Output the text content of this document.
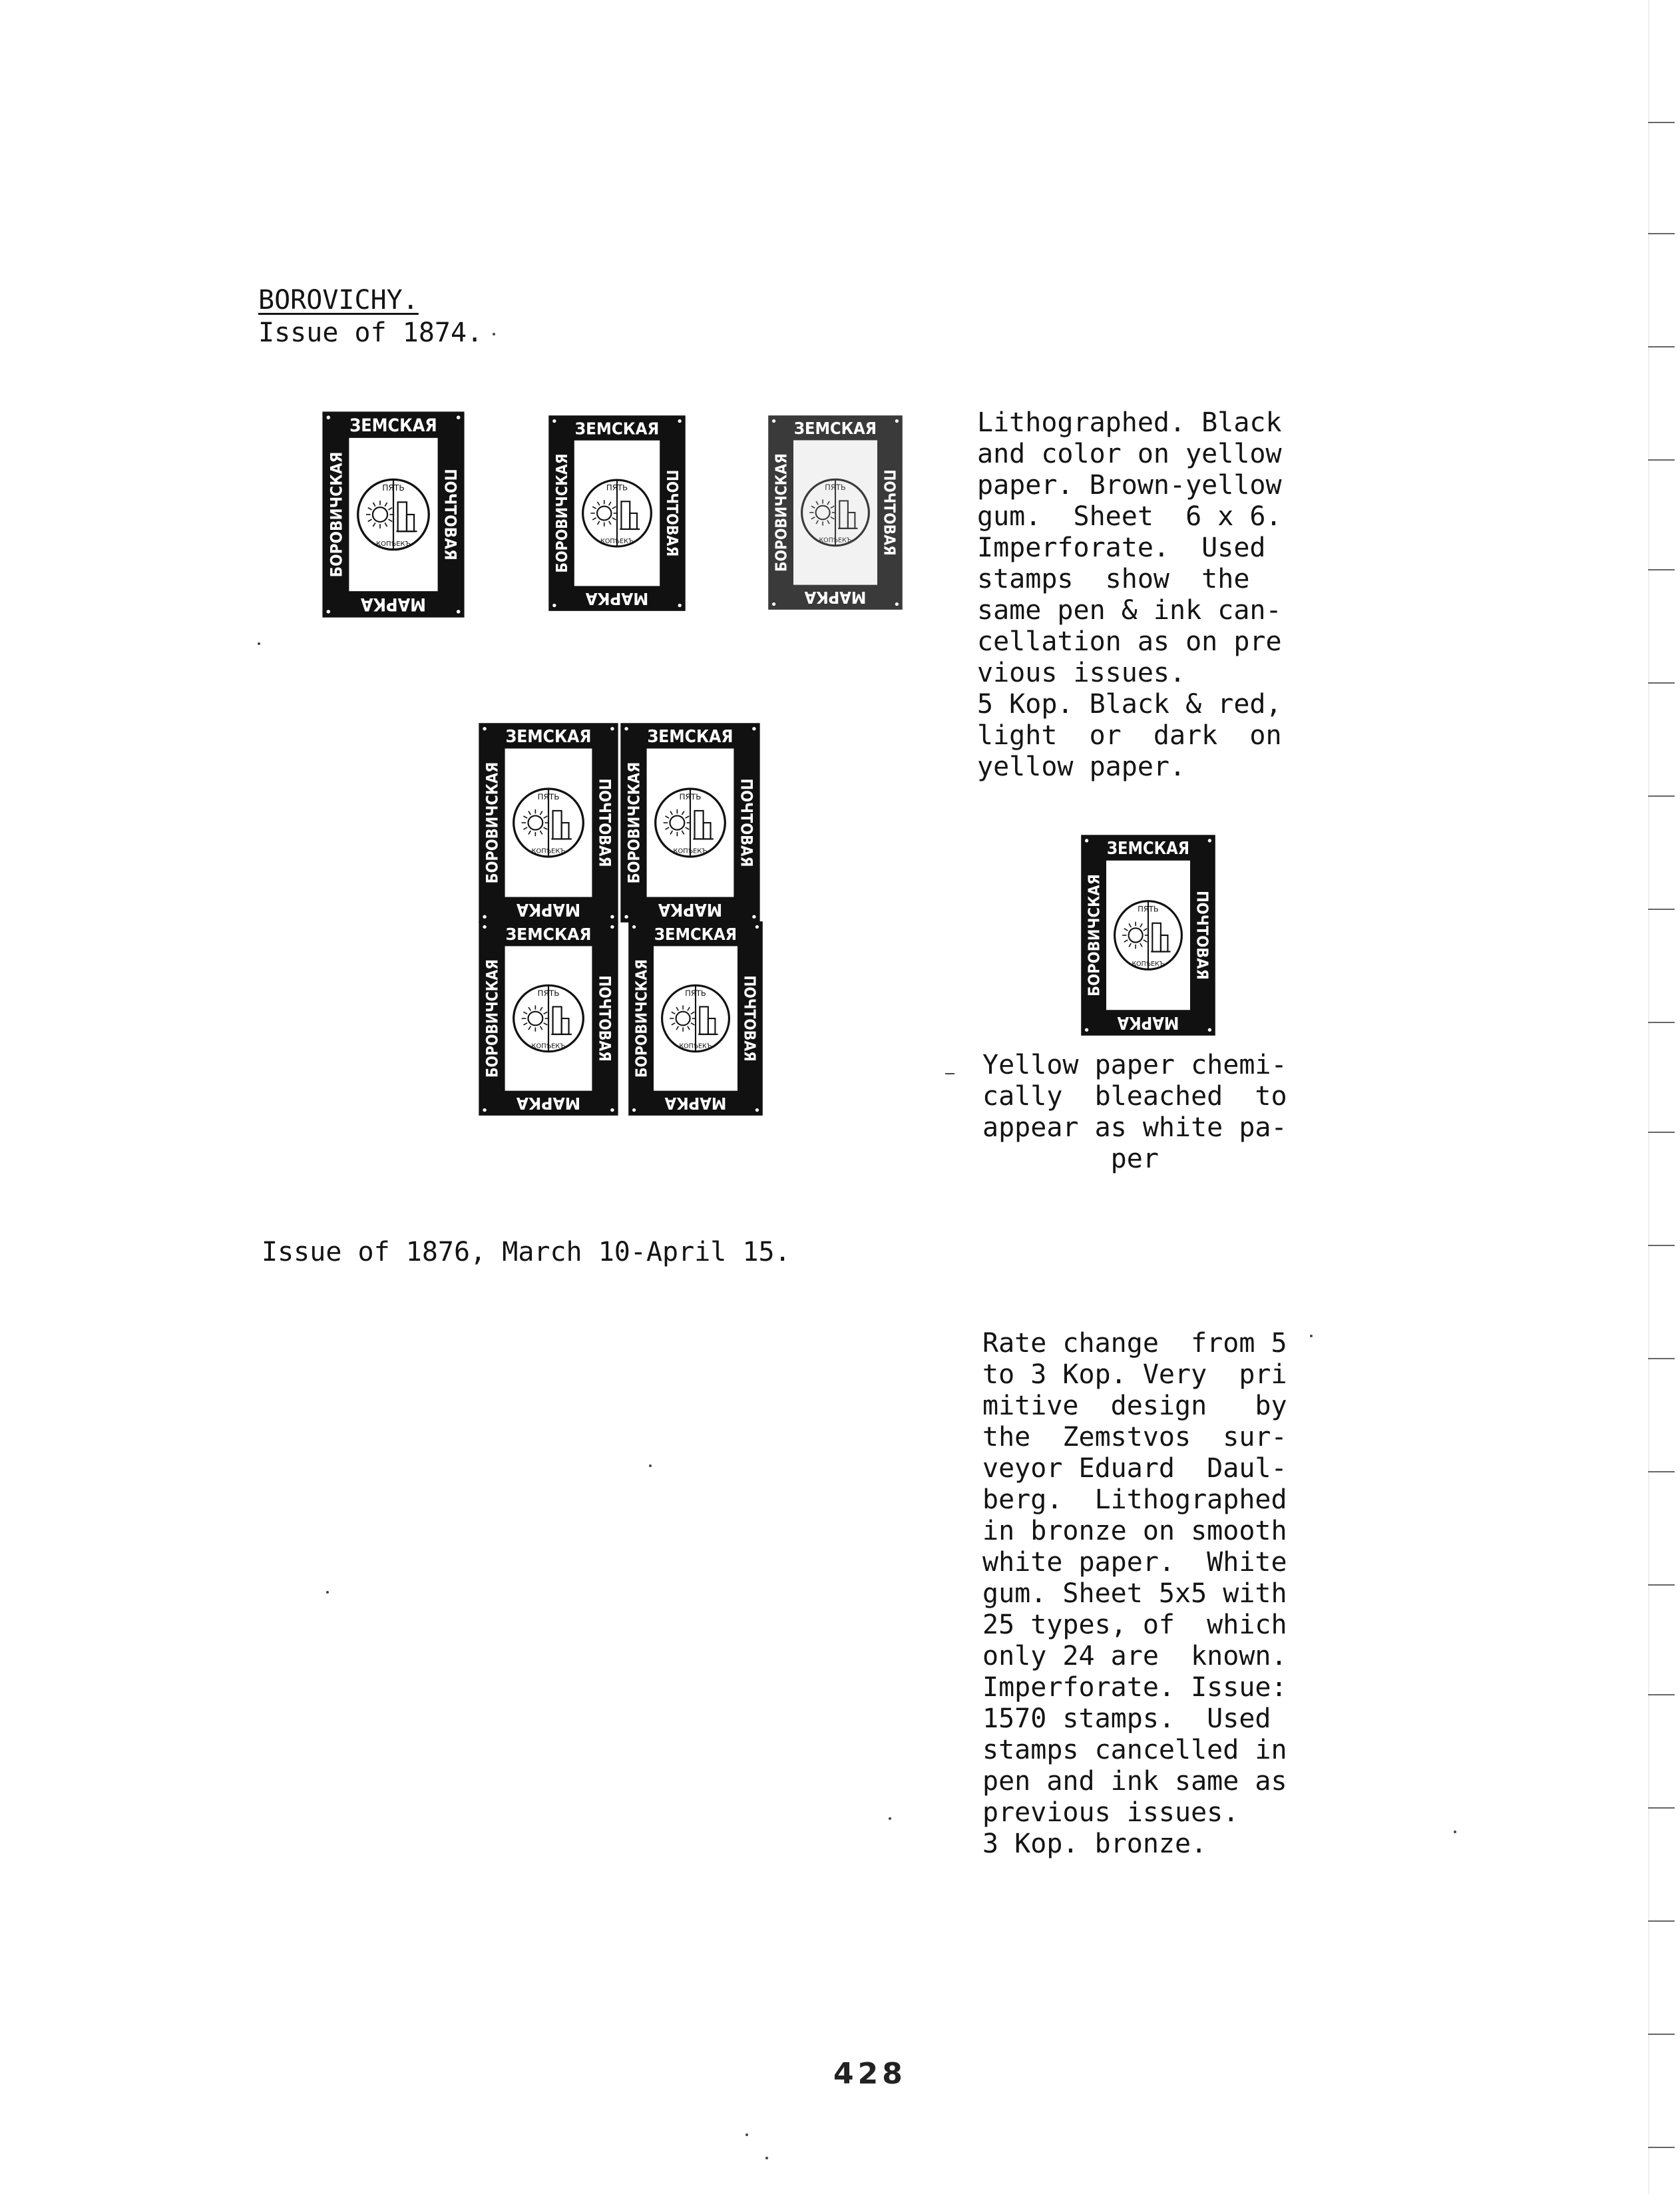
BOROVICHY.
Issue of 1874.
ЗЕМСКАЯ
МАРКА
БОРОВИЧСКАЯ	ПОЧТОВАЯ
ПЯТЬ
КОПѢЕКЪ
ЗЕМСКАЯ
МАРКА
БОРОВИЧСКАЯ	ПОЧТОВАЯ
ПЯТЬ
КОПѢЕКЪ
ЗЕМСКАЯ
МАРКА
БОРОВИЧСКАЯ	ПОЧТОВАЯ
ПЯТЬ
КОПѢЕКЪ
ЗЕМСКАЯ
МАРКА
БОРОВИЧСКАЯ	ПОЧТОВАЯ
ПЯТЬ
КОПѢЕКЪ
ЗЕМСКАЯ
МАРКА
БОРОВИЧСКАЯ	ПОЧТОВАЯ
ПЯТЬ
КОПѢЕКЪ
ЗЕМСКАЯ
МАРКА
БОРОВИЧСКАЯ	ПОЧТОВАЯ
ПЯТЬ
КОПѢЕКЪ
ЗЕМСКАЯ
МАРКА
БОРОВИЧСКАЯ	ПОЧТОВАЯ
ПЯТЬ
КОПѢЕКЪ
ЗЕМСКАЯ
МАРКА
БОРОВИЧСКАЯ	ПОЧТОВАЯ
ПЯТЬ
КОПѢЕКЪ
Lithographed. Black
and color on yellow
paper. Brown-yellow
gum.  Sheet  6 x 6.
Imperforate.  Used
stamps  show  the
same pen & ink can-
cellation as on pre
vious issues.
5 Kop. Black & red,
light  or  dark  on
yellow paper.
Yellow paper chemi-
cally  bleached  to
appear as white pa-
per
Issue of 1876, March 10-April 15.
Rate change  from 5
to 3 Kop. Very  pri
mitive  design   by
the  Zemstvos  sur-
veyor Eduard  Daul-
berg.  Lithographed
in bronze on smooth
white paper.  White
gum. Sheet 5x5 with
25 types, of  which
only 24 are  known.
Imperforate. Issue:
1570 stamps.  Used
stamps cancelled in
pen and ink same as
previous issues.
3 Kop. bronze.
428
